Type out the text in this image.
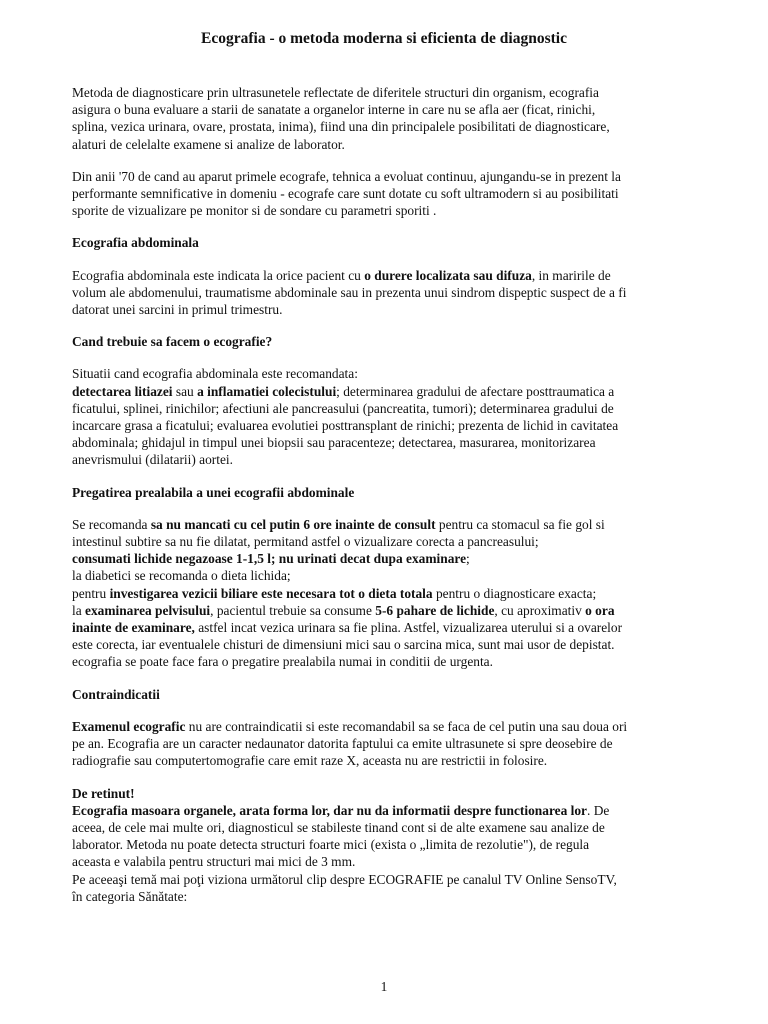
Ecografia - o metoda moderna si eficienta de diagnostic
Metoda de diagnosticare prin ultrasunetele reflectate de diferitele structuri din organism, ecografia
asigura o buna evaluare a starii de sanatate a organelor interne in care nu se afla aer (ficat, rinichi,
splina, vezica urinara, ovare, prostata, inima), fiind una din principalele posibilitati de diagnosticare,
alaturi de celelalte examene si analize de laborator.
Din anii '70 de cand au aparut primele ecografe, tehnica a evoluat continuu, ajungandu-se in prezent la
performante semnificative in domeniu - ecografe care sunt dotate cu soft ultramodern si au posibilitati
sporite de vizualizare pe monitor si de sondare cu parametri sporiti .
Ecografia abdominala
Ecografia abdominala este indicata la orice pacient cu o durere localizata sau difuza, in maririle de
volum ale abdomenului, traumatisme abdominale sau in prezenta unui sindrom dispeptic suspect de a fi
datorat unei sarcini in primul trimestru.
Cand trebuie sa facem o ecografie?
Situatii cand ecografia abdominala este recomandata:
detectarea litiazei sau a inflamatiei colecistului; determinarea gradului de afectare posttraumatica a
ficatului, splinei, rinichilor; afectiuni ale pancreasului (pancreatita, tumori); determinarea gradului de
incarcare grasa a ficatului; evaluarea evolutiei posttransplant de rinichi; prezenta de lichid in cavitatea
abdominala; ghidajul in timpul unei biopsii sau paracenteze; detectarea, masurarea, monitorizarea
anevrismului (dilatarii) aortei.
Pregatirea prealabila a unei ecografii abdominale
Se recomanda sa nu mancati cu cel putin 6 ore inainte de consult pentru ca stomacul sa fie gol si
intestinul subtire sa nu fie dilatat, permitand astfel o vizualizare corecta a pancreasului;
consumati lichide negazoase 1-1,5 l; nu urinati decat dupa examinare;
la diabetici se recomanda o dieta lichida;
pentru investigarea vezicii biliare este necesara tot o dieta totala pentru o diagnosticare exacta;
la examinarea pelvisului, pacientul trebuie sa consume 5-6 pahare de lichide, cu aproximativ o ora
inainte de examinare, astfel incat vezica urinara sa fie plina. Astfel, vizualizarea uterului si a ovarelor
este corecta, iar eventualele chisturi de dimensiuni mici sau o sarcina mica, sunt mai usor de depistat.
ecografia se poate face fara o pregatire prealabila numai in conditii de urgenta.
Contraindicatii
Examenul ecografic nu are contraindicatii si este recomandabil sa se faca de cel putin una sau doua ori
pe an. Ecografia are un caracter nedaunator datorita faptului ca emite ultrasunete si spre deosebire de
radiografie sau computertomografie care emit raze X, aceasta nu are restrictii in folosire.
De retinut!
Ecografia masoara organele, arata forma lor, dar nu da informatii despre functionarea lor. De
aceea, de cele mai multe ori, diagnosticul se stabileste tinand cont si de alte examene sau analize de
laborator. Metoda nu poate detecta structuri foarte mici (exista o „limita de rezolutie"), de regula
aceasta e valabila pentru structuri mai mici de 3 mm.
Pe aceeaşi temă mai poţi viziona următorul clip despre ECOGRAFIE pe canalul TV Online SensoTV,
în categoria Sănătate:
1
